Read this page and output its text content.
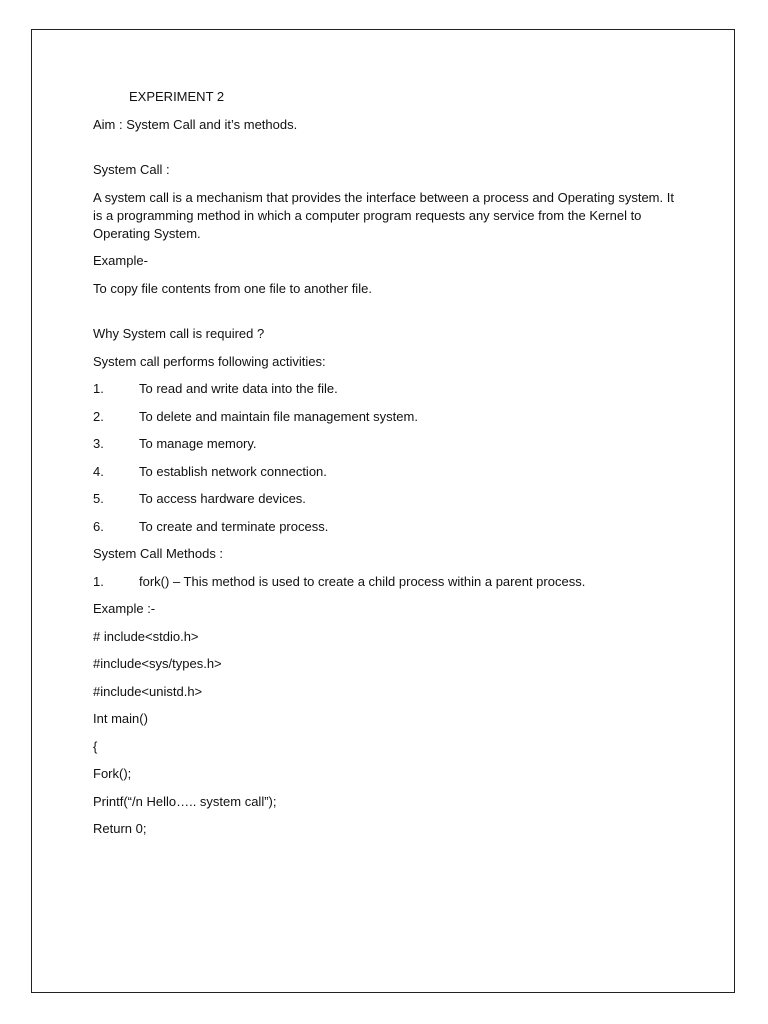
EXPERIMENT 2

Aim : System Call and it’s methods.

System Call :

A system call is a mechanism that provides the interface between a process and Operating system. It is a programming method in which a computer program requests any service from the Kernel to Operating System.

Example-

To copy file contents from one file to another file.

Why System call is required ?

System call performs following activities:

1.	To read and write data into the file.
2.	To delete and maintain file management system.
3.	To manage memory.
4.	To establish network connection.
5.	To access hardware devices.
6.	To create and terminate process.

System Call Methods :

1.	fork() – This method is used to create a child process within a parent process.

Example :-

# include<stdio.h>

#include<sys/types.h>

#include<unistd.h>

Int main()

{

Fork();

Printf(“/n Hello….. system call”);

Return 0;
